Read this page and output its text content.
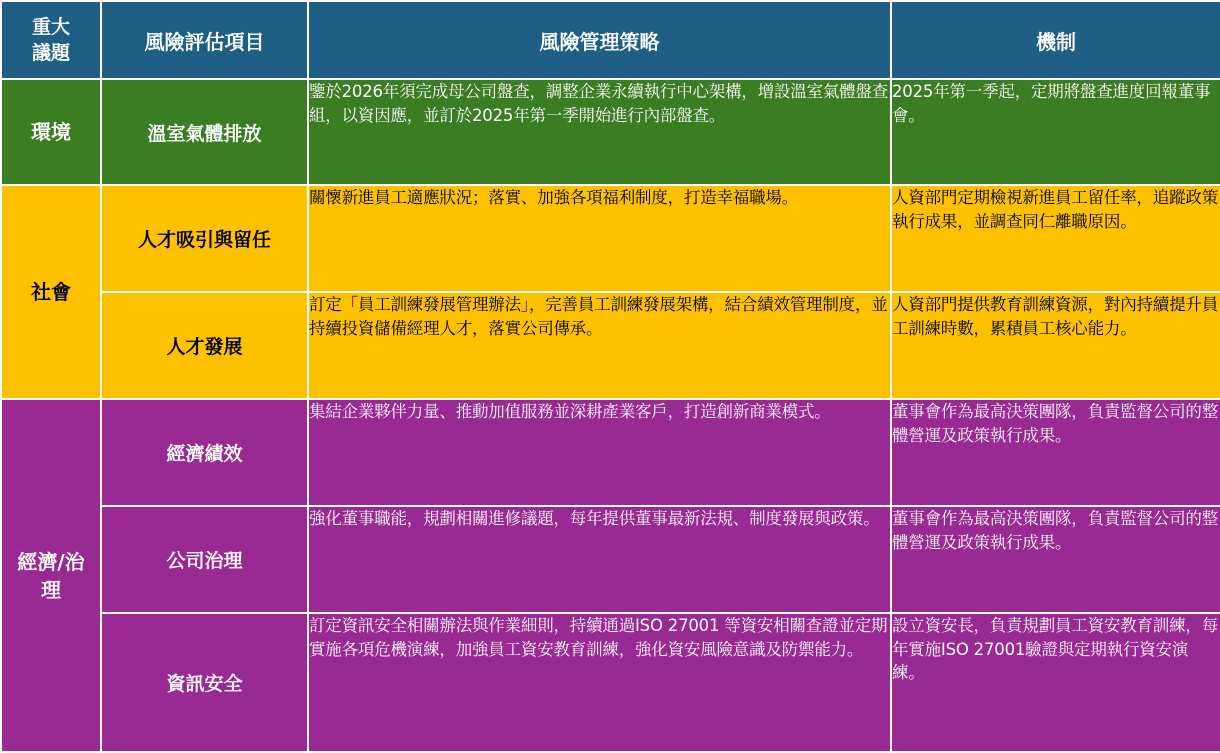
重大議題	風險評估項目	風險管理策略	機制
環境	溫室氣體排放	鑒於2026年須完成母公司盤查，調整企業永續執行中心架構，增設溫室氣體盤查組，以資因應，並訂於2025年第一季開始進行內部盤查。	2025年第一季起，定期將盤查進度回報董事會。
社會	人才吸引與留任	關懷新進員工適應狀況；落實、加強各項福利制度，打造幸福職場。	人資部門定期檢視新進員工留任率，追蹤政策執行成果，並調查同仁離職原因。
	人才發展	訂定「員工訓練發展管理辦法」，完善員工訓練發展架構，結合績效管理制度，並持續投資儲備經理人才，落實公司傳承。	人資部門提供教育訓練資源，對內持續提升員工訓練時數，累積員工核心能力。
經濟/治理	經濟績效	集結企業夥伴力量、推動加值服務並深耕產業客戶，打造創新商業模式。	董事會作為最高決策團隊，負責監督公司的整體營運及政策執行成果。
	公司治理	強化董事職能，規劃相關進修議題，每年提供董事最新法規、制度發展與政策。	董事會作為最高決策團隊，負責監督公司的整體營運及政策執行成果。
	資訊安全	訂定資訊安全相關辦法與作業細則，持續通過ISO 27001 等資安相關查證並定期實施各項危機演練，加強員工資安教育訓練，強化資安風險意識及防禦能力。	設立資安長，負責規劃員工資安教育訓練，每年實施ISO 27001驗證與定期執行資安演練。
